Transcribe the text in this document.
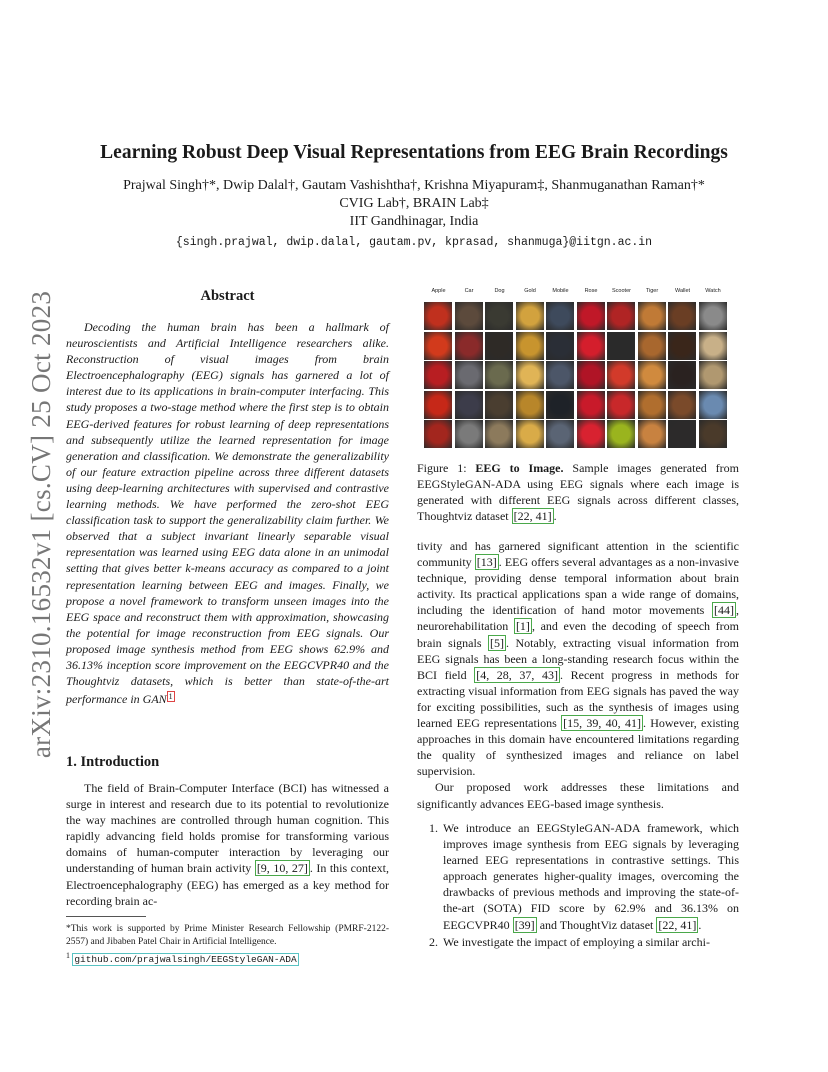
arXiv:2310.16532v1 [cs.CV] 25 Oct 2023
Learning Robust Deep Visual Representations from EEG Brain Recordings
Prajwal Singh†*, Dwip Dalal†, Gautam Vashishtha†, Krishna Miyapuram‡, Shanmuganathan Raman†*
CVIG Lab†, BRAIN Lab‡
IIT Gandhinagar, India
{singh.prajwal, dwip.dalal, gautam.pv, kprasad, shanmuga}@iitgn.ac.in
Abstract
Decoding the human brain has been a hallmark of neuroscientists and Artificial Intelligence researchers alike. Reconstruction of visual images from brain Electroencephalography (EEG) signals has garnered a lot of interest due to its applications in brain-computer interfacing. This study proposes a two-stage method where the first step is to obtain EEG-derived features for robust learning of deep representations and subsequently utilize the learned representation for image generation and classification. We demonstrate the generalizability of our feature extraction pipeline across three different datasets using deep-learning architectures with supervised and contrastive learning methods. We have performed the zero-shot EEG classification task to support the generalizability claim further. We observed that a subject invariant linearly separable visual representation was learned using EEG data alone in an unimodal setting that gives better k-means accuracy as compared to a joint representation learning between EEG and images. Finally, we propose a novel framework to transform unseen images into the EEG space and reconstruct them with approximation, showcasing the potential for image reconstruction from EEG signals. Our proposed image synthesis method from EEG shows 62.9% and 36.13% inception score improvement on the EEGCVPR40 and the Thoughtviz datasets, which is better than state-of-the-art performance in GAN $^1$
1. Introduction
The field of Brain-Computer Interface (BCI) has witnessed a surge in interest and research due to its potential to revolutionize the way machines are controlled through human cognition. This rapidly advancing field holds promise for transforming various domains of human-computer interaction by leveraging our understanding of human brain activity [9, 10, 27] . In this context, Electroencephalography (EEG) has emerged as a key method for recording brain ac-
*This work is supported by Prime Minister Research Fellowship (PMRF-2122-2557) and Jibaben Patel Chair in Artificial Intelligence.
$^1$ github.com/prajwalsingh/EEGStyleGAN-ADA
Apple	Car	Dog	Gold	Mobile	Rose	Scooter	Tiger	Wallet	Watch
Figure 1: EEG to Image. Sample images generated from EEGStyleGAN-ADA using EEG signals where each image is generated with different EEG signals across different classes, Thoughtviz dataset [22, 41] .

tivity and has garnered significant attention in the scientific community [13] . EEG offers several advantages as a non-invasive technique, providing dense temporal information about brain activity. Its practical applications span a wide range of domains, including the identification of hand motor movements [44] , neurorehabilitation [1] , and even the decoding of speech from brain signals [5] . Notably, extracting visual information from EEG signals has been a long-standing research focus within the BCI field [4, 28, 37, 43] . Recent progress in methods for extracting visual information from EEG signals has paved the way for exciting possibilities, such as the synthesis of images using learned EEG representations [15, 39, 40, 41] . However, existing approaches in this domain have encountered limitations regarding the quality of synthesized images and reliance on label supervision.

Our proposed work addresses these limitations and significantly advances EEG-based image synthesis.

1. We introduce an EEGStyleGAN-ADA framework, which improves image synthesis from EEG signals by leveraging learned EEG representations in contrastive settings. This approach generates higher-quality images, overcoming the drawbacks of previous methods and improving the state-of-the-art (SOTA) FID score by 62.9% and 36.13% on EEGCVPR40 [39] and ThoughtViz dataset [22, 41] .
2. We investigate the impact of employing a similar archi-
